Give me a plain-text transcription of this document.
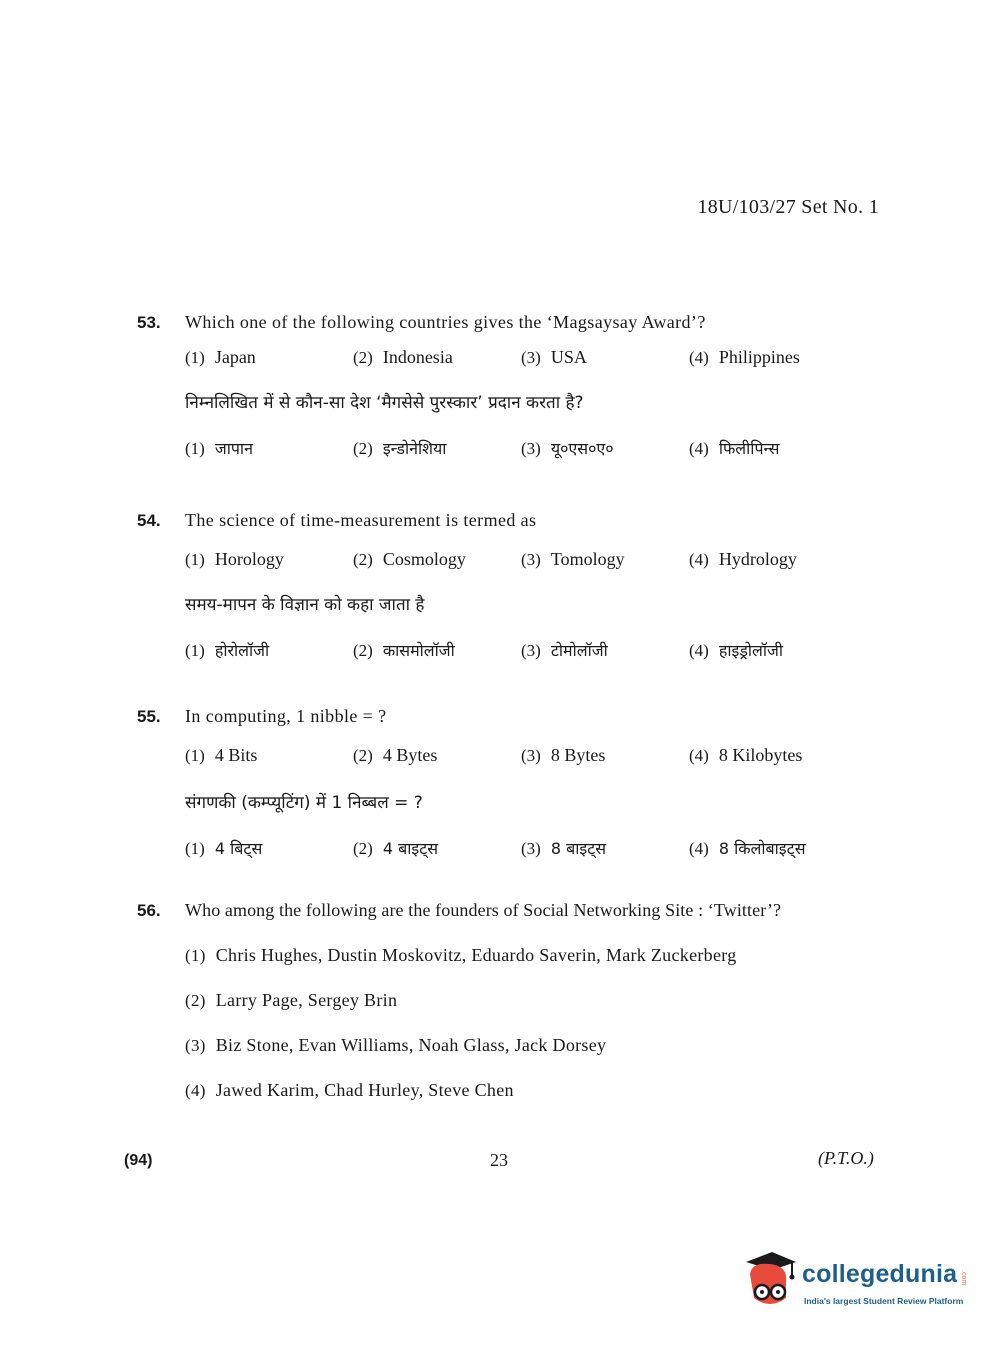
18U/103/27 Set No. 1
53.	Which one of the following countries gives the ‘Magsaysay Award’?
(1) Japan	(2) Indonesia	(3) USA	(4) Philippines
निम्नलिखित में से कौन-सा देश ‘मैगसेसे पुरस्कार’ प्रदान करता है?
(1) जापान	(2) इन्डोनेशिया	(3) यू०एस०ए०	(4) फिलीपिन्स
54.	The science of time-measurement is termed as
(1) Horology	(2) Cosmology	(3) Tomology	(4) Hydrology
समय-मापन के विज्ञान को कहा जाता है
(1) होरोलॉजी	(2) कासमोलॉजी	(3) टोमोलॉजी	(4) हाइड्रोलॉजी
55.	In computing, 1 nibble = ?
(1) 4 Bits	(2) 4 Bytes	(3) 8 Bytes	(4) 8 Kilobytes
संगणकी (कम्प्यूटिंग) में 1 निब्बल = ?
(1) 4 बिट्स	(2) 4 बाइट्स	(3) 8 बाइट्स	(4) 8 किलोबाइट्स
56.	Who among the following are the founders of Social Networking Site : ‘Twitter’?
(1) Chris Hughes, Dustin Moskovitz, Eduardo Saverin, Mark Zuckerberg
(2) Larry Page, Sergey Brin
(3) Biz Stone, Evan Williams, Noah Glass, Jack Dorsey
(4) Jawed Karim, Chad Hurley, Steve Chen
(94)	23	(P.T.O.)
collegedunia .com
India's largest Student Review Platform
